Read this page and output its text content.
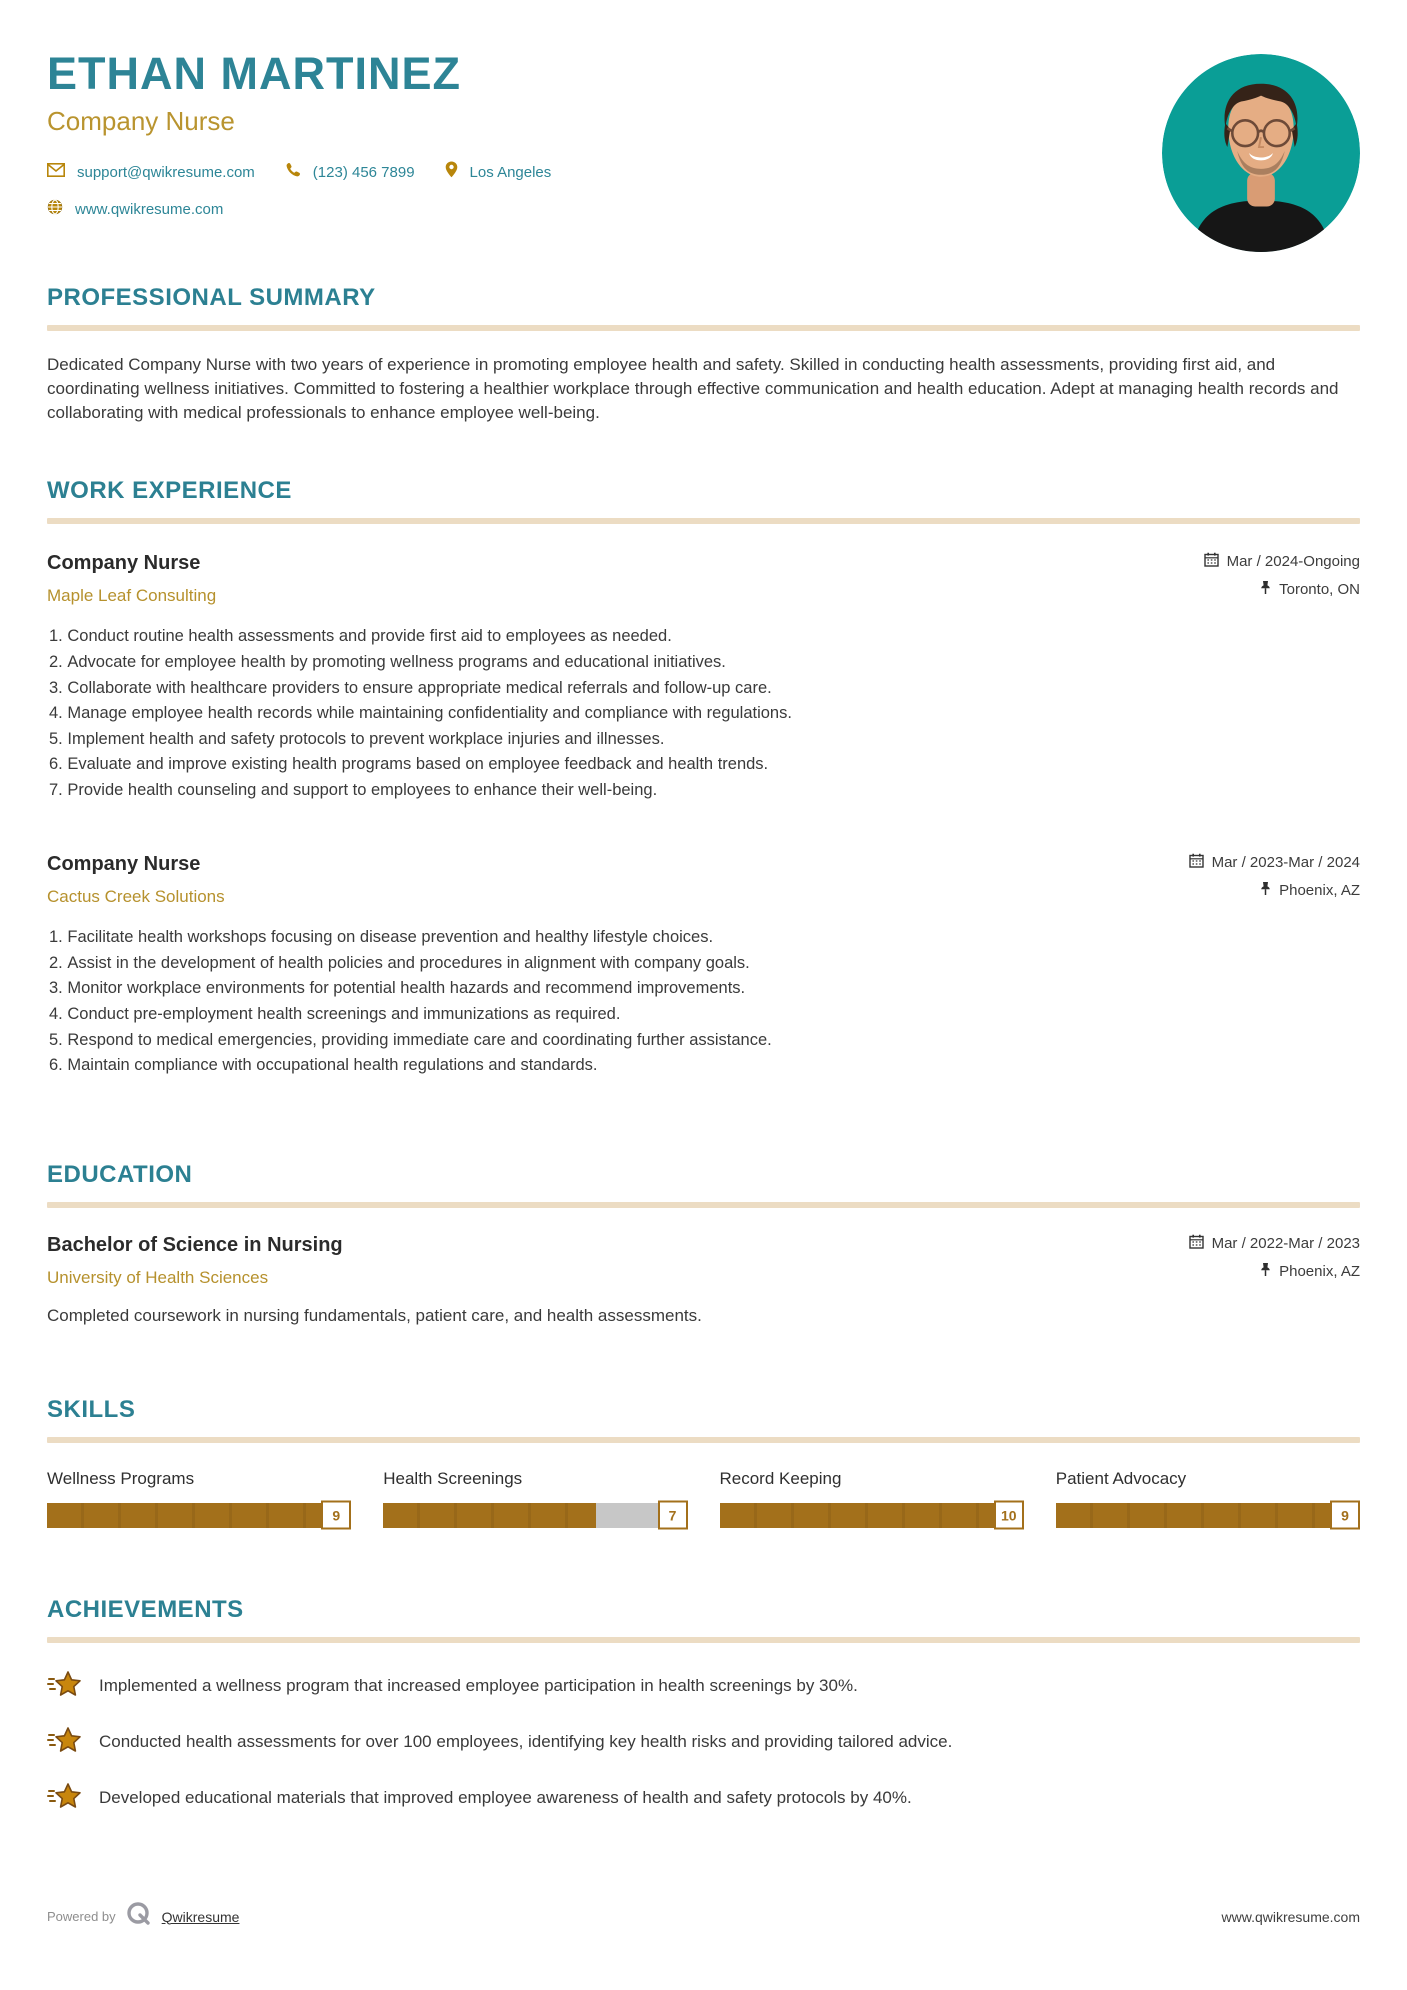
ETHAN MARTINEZ
Company Nurse
support@qwikresume.com	(123) 456 7899	Los Angeles
www.qwikresume.com
PROFESSIONAL SUMMARY

Dedicated Company Nurse with two years of experience in promoting employee health and safety. Skilled in conducting health assessments, providing first aid, and coordinating wellness initiatives. Committed to fostering a healthier workplace through effective communication and health education. Adept at managing health records and collaborating with medical professionals to enhance employee well-being.

WORK EXPERIENCE
Company Nurse
Maple Leaf Consulting
Mar / 2024-Ongoing
Toronto, ON
1. Conduct routine health assessments and provide first aid to employees as needed.
2. Advocate for employee health by promoting wellness programs and educational initiatives.
3. Collaborate with healthcare providers to ensure appropriate medical referrals and follow-up care.
4. Manage employee health records while maintaining confidentiality and compliance with regulations.
5. Implement health and safety protocols to prevent workplace injuries and illnesses.
6. Evaluate and improve existing health programs based on employee feedback and health trends.
7. Provide health counseling and support to employees to enhance their well-being.
Company Nurse
Cactus Creek Solutions
Mar / 2023-Mar / 2024
Phoenix, AZ
1. Facilitate health workshops focusing on disease prevention and healthy lifestyle choices.
2. Assist in the development of health policies and procedures in alignment with company goals.
3. Monitor workplace environments for potential health hazards and recommend improvements.
4. Conduct pre-employment health screenings and immunizations as required.
5. Respond to medical emergencies, providing immediate care and coordinating further assistance.
6. Maintain compliance with occupational health regulations and standards.
EDUCATION
Bachelor of Science in Nursing
University of Health Sciences
Mar / 2022-Mar / 2023
Phoenix, AZ
Completed coursework in nursing fundamentals, patient care, and health assessments.
SKILLS
Wellness Programs
9
Health Screenings
7
Record Keeping
10
Patient Advocacy
9
ACHIEVEMENTS
Implemented a wellness program that increased employee participation in health screenings by 30%.
Conducted health assessments for over 100 employees, identifying key health risks and providing tailored advice.
Developed educational materials that improved employee awareness of health and safety protocols by 40%.
Powered by	Qwikresume	www.qwikresume.com
